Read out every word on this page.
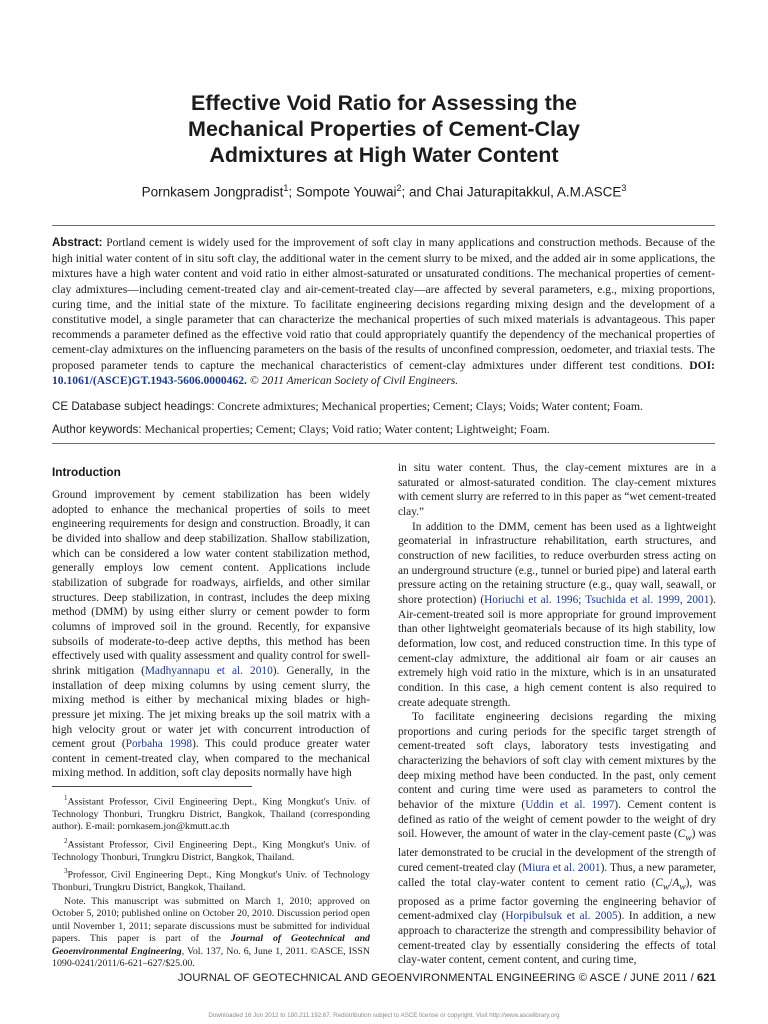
Effective Void Ratio for Assessing the
Mechanical Properties of Cement-Clay
Admixtures at High Water Content
Pornkasem Jongpradist$^1$; Sompote Youwai$^2$; and Chai Jaturapitakkul, A.M.ASCE$^3$
Abstract: Portland cement is widely used for the improvement of soft clay in many applications and construction methods. Because of the high initial water content of in situ soft clay, the additional water in the cement slurry to be mixed, and the added air in some applications, the mixtures have a high water content and void ratio in either almost-saturated or unsaturated conditions. The mechanical properties of cement-clay admixtures—including cement-treated clay and air-cement-treated clay—are affected by several parameters, e.g., mixing proportions, curing time, and the initial state of the mixture. To facilitate engineering decisions regarding mixing design and the development of a constitutive model, a single parameter that can characterize the mechanical properties of such mixed materials is advantageous. This paper recommends a parameter defined as the effective void ratio that could appropriately quantify the dependency of the mechanical properties of cement-clay admixtures on the influencing parameters on the basis of the results of unconfined compression, oedometer, and triaxial tests. The proposed parameter tends to capture the mechanical characteristics of cement-clay admixtures under different test conditions. DOI: 10.1061/(ASCE)GT.1943-5606.0000462. © 2011 American Society of Civil Engineers.
CE Database subject headings: Concrete admixtures; Mechanical properties; Cement; Clays; Voids; Water content; Foam.
Author keywords: Mechanical properties; Cement; Clays; Void ratio; Water content; Lightweight; Foam.
Introduction

Ground improvement by cement stabilization has been widely adopted to enhance the mechanical properties of soils to meet engineering requirements for design and construction. Broadly, it can be divided into shallow and deep stabilization. Shallow stabilization, which can be considered a low water content stabilization method, generally employs low cement content. Applications include stabilization of subgrade for roadways, airfields, and other similar structures. Deep stabilization, in contrast, includes the deep mixing method (DMM) by using either slurry or cement powder to form columns of improved soil in the ground. Recently, for expansive subsoils of moderate-to-deep active depths, this method has been effectively used with quality assessment and quality control for swell-shrink mitigation (Madhyannapu et al. 2010). Generally, in the installation of deep mixing columns by using cement slurry, the mixing method is either by mechanical mixing blades or high-pressure jet mixing. The jet mixing breaks up the soil matrix with a high velocity grout or water jet with concurrent introduction of cement grout (Porbaha 1998). This could produce greater water content in cement-treated clay, when compared to the mechanical mixing method. In addition, soft clay deposits normally have high

in situ water content. Thus, the clay-cement mixtures are in a saturated or almost-saturated condition. The clay-cement mixtures with cement slurry are referred to in this paper as “wet cement-treated clay.”

In addition to the DMM, cement has been used as a lightweight geomaterial in infrastructure rehabilitation, earth structures, and construction of new facilities, to reduce overburden stress acting on an underground structure (e.g., tunnel or buried pipe) and lateral earth pressure acting on the retaining structure (e.g., quay wall, seawall, or shore protection) (Horiuchi et al. 1996; Tsuchida et al. 1999, 2001). Air-cement-treated soil is more appropriate for ground improvement than other lightweight geomaterials because of its high stability, low deformation, low cost, and reduced construction time. In this type of cement-clay admixture, the additional air foam or air causes an extremely high void ratio in the mixture, which is in an unsaturated condition. In this case, a high cement content is also required to create adequate strength.

To facilitate engineering decisions regarding the mixing proportions and curing periods for the specific target strength of cement-treated soft clays, laboratory tests investigating and characterizing the behaviors of soft clay with cement mixtures by the deep mixing method have been conducted. In the past, only cement content and curing time were used as parameters to control the behavior of the mixture (Uddin et al. 1997). Cement content is defined as ratio of the weight of cement powder to the weight of dry soil. However, the amount of water in the clay-cement paste $(C_w)$ was later demonstrated to be crucial in the development of the strength of cured cement-treated clay (Miura et al. 2001). Thus, a new parameter, called the total clay-water content to cement ratio $(C_w/A_w)$, was proposed as a prime factor governing the engineering behavior of cement-admixed clay (Horpibulsuk et al. 2005). In addition, a new approach to characterize the strength and compressibility behavior of cement-treated clay by essentially considering the effects of total clay-water content, cement content, and curing time,

$^1$Assistant Professor, Civil Engineering Dept., King Mongkut's Univ. of Technology Thonburi, Trungkru District, Bangkok, Thailand (corresponding author). E-mail: pornkasem.jon@kmutt.ac.th

$^2$Assistant Professor, Civil Engineering Dept., King Mongkut's Univ. of Technology Thonburi, Trungkru District, Bangkok, Thailand.

$^3$Professor, Civil Engineering Dept., King Mongkut's Univ. of Technology Thonburi, Trungkru District, Bangkok, Thailand.

Note. This manuscript was submitted on March 1, 2010; approved on October 5, 2010; published online on October 20, 2010. Discussion period open until November 1, 2011; separate discussions must be submitted for individual papers. This paper is part of the Journal of Geotechnical and Geoenvironmental Engineering, Vol. 137, No. 6, June 1, 2011. ©ASCE, ISSN 1090-0241/2011/6-621–627/$25.00.

JOURNAL OF GEOTECHNICAL AND GEOENVIRONMENTAL ENGINEERING © ASCE / JUNE 2011 / 621
Downloaded 16 Jun 2012 to 180.211.192.67. Redistribution subject to ASCE license or copyright. Visit http://www.ascelibrary.org
